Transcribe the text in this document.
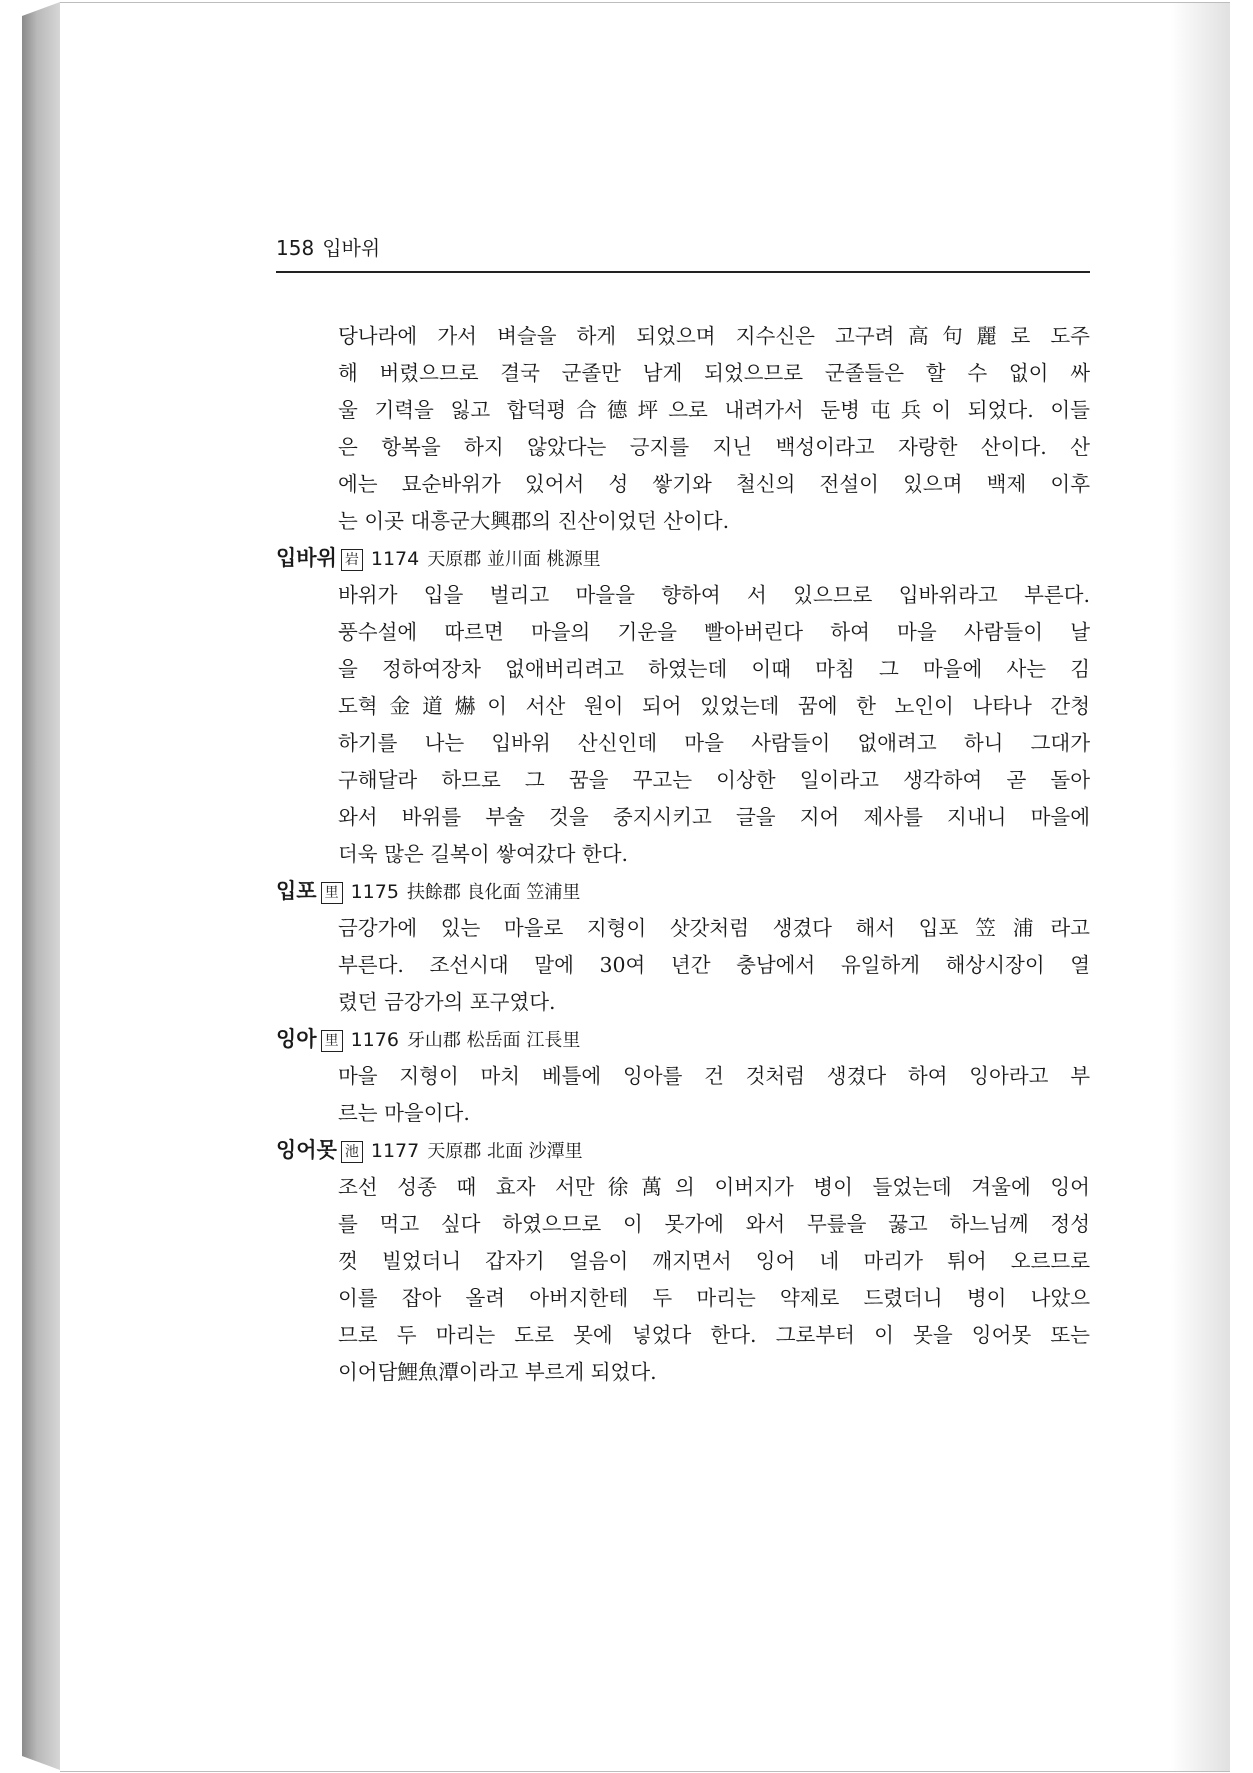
158 입바위
당나라에 가서 벼슬을 하게 되었으며 지수신은 고구려高句麗로 도주
해 버렸으므로 결국 군졸만 남게 되었으므로 군졸들은 할 수 없이 싸
울 기력을 잃고 합덕평合德坪으로 내려가서 둔병屯兵이 되었다. 이들
은 항복을 하지 않았다는 긍지를 지닌 백성이라고 자랑한 산이다. 산
에는 묘순바위가 있어서 성 쌓기와 철신의 전설이 있으며 백제 이후
는 이곳 대흥군大興郡의 진산이었던 산이다.
입바위 岩 1174 天原郡 並川面 桃源里
바위가 입을 벌리고 마을을 향하여 서 있으므로 입바위라고 부른다.
풍수설에 따르면 마을의 기운을 빨아버린다 하여 마을 사람들이 날
을 정하여장차 없애버리려고 하였는데 이때 마침 그 마을에 사는 김
도혁金道爀이 서산 원이 되어 있었는데 꿈에 한 노인이 나타나 간청
하기를 나는 입바위 산신인데 마을 사람들이 없애려고 하니 그대가
구해달라 하므로 그 꿈을 꾸고는 이상한 일이라고 생각하여 곧 돌아
와서 바위를 부술 것을 중지시키고 글을 지어 제사를 지내니 마을에
더욱 많은 길복이 쌓여갔다 한다.
입포 里 1175 扶餘郡 良化面 笠浦里
금강가에 있는 마을로 지형이 삿갓처럼 생겼다 해서 입포笠浦라고
부른다. 조선시대 말에 30여 년간 충남에서 유일하게 해상시장이 열
렸던 금강가의 포구였다.
잉아 里 1176 牙山郡 松岳面 江長里
마을 지형이 마치 베틀에 잉아를 건 것처럼 생겼다 하여 잉아라고 부
르는 마을이다.
잉어못 池 1177 天原郡 北面 沙潭里
조선 성종 때 효자 서만徐萬의 이버지가 병이 들었는데 겨울에 잉어
를 먹고 싶다 하였으므로 이 못가에 와서 무릎을 꿇고 하느님께 정성
껏 빌었더니 갑자기 얼음이 깨지면서 잉어 네 마리가 튀어 오르므로
이를 잡아 올려 아버지한테 두 마리는 약제로 드렸더니 병이 나았으
므로 두 마리는 도로 못에 넣었다 한다. 그로부터 이 못을 잉어못 또는
이어담鯉魚潭이라고 부르게 되었다.
